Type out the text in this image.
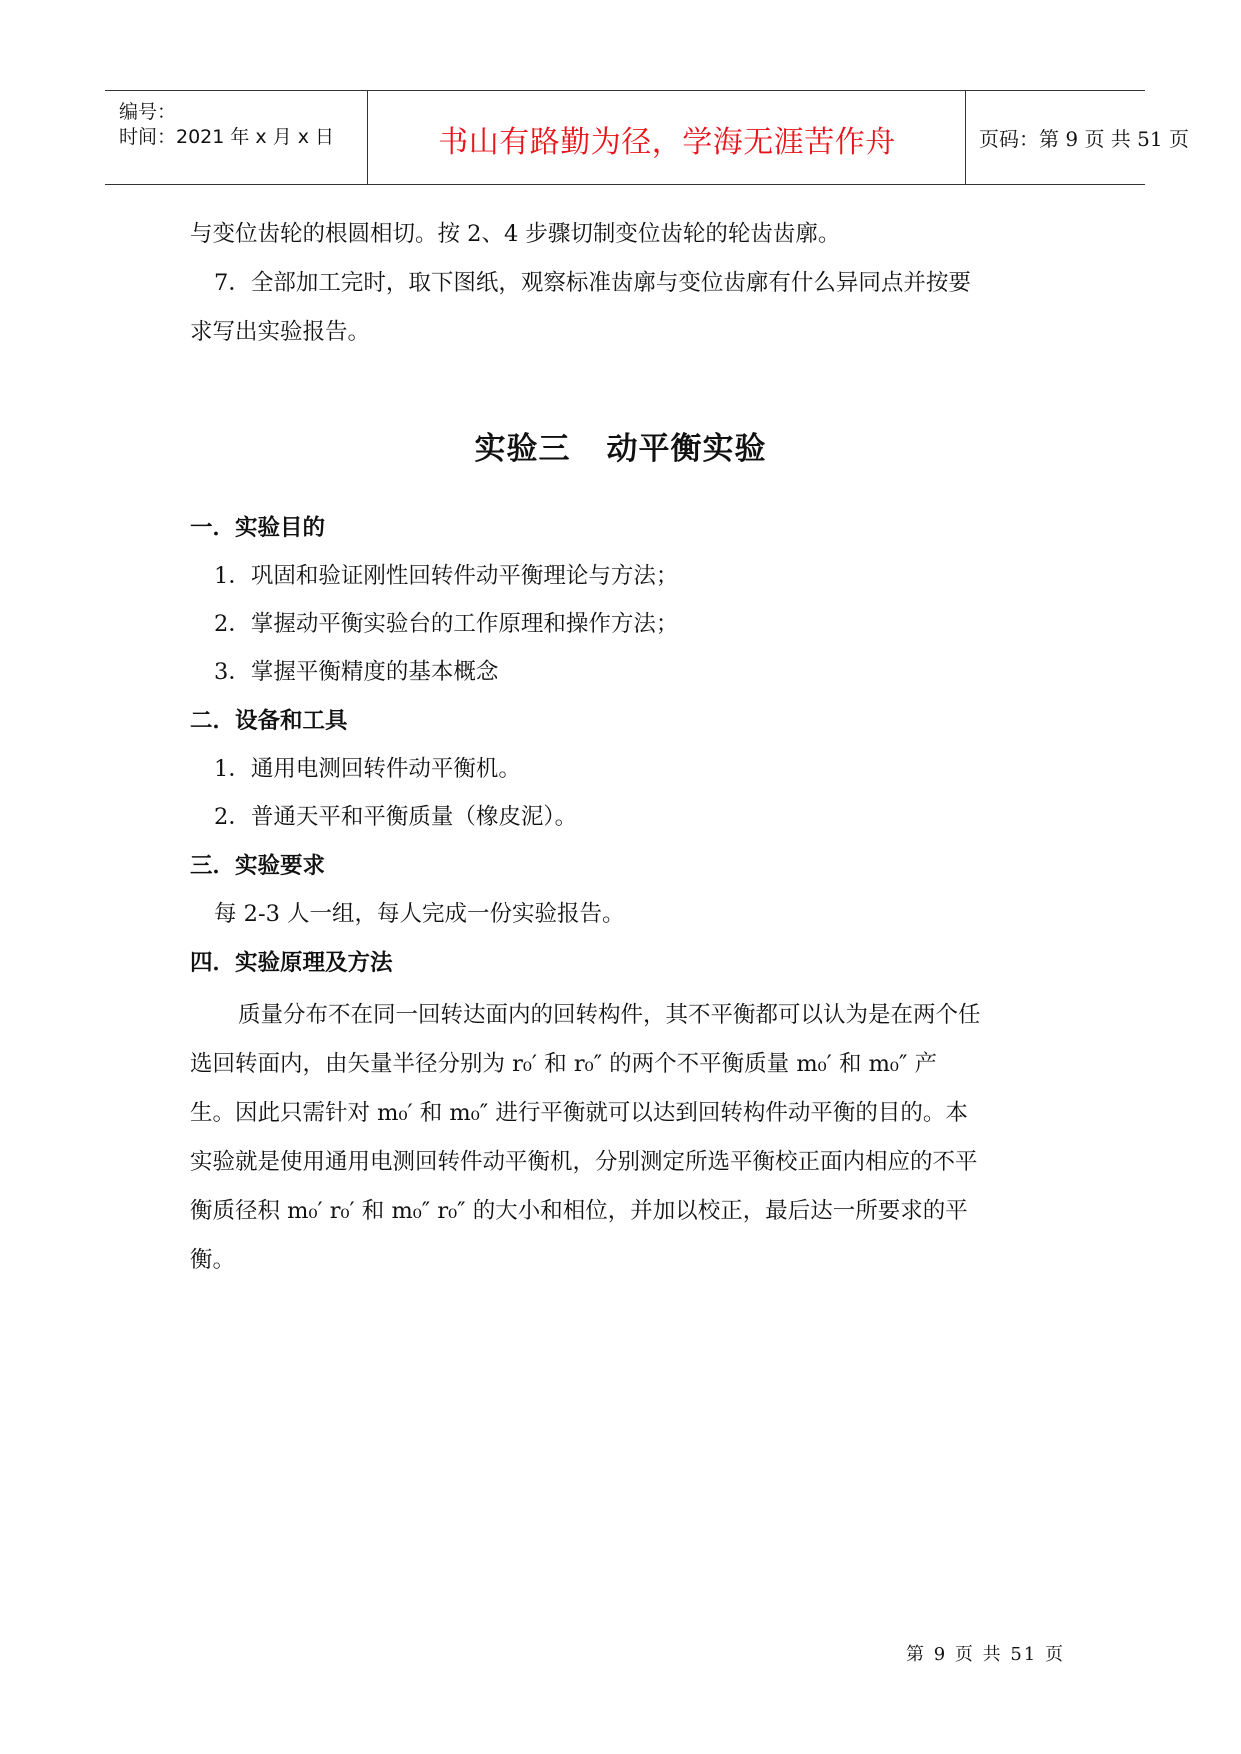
编号：
时间：2021 年 x 月 x 日	书山有路勤为径，学海无涯苦作舟	页码：第 9 页 共 51 页

与变位齿轮的根圆相切。按 2、4 步骤切制变位齿轮的轮齿齿廓。

7．全部加工完时，取下图纸，观察标准齿廓与变位齿廓有什么异同点并按要

求写出实验报告。

实验三 动平衡实验
一．实验目的
1．巩固和验证刚性回转件动平衡理论与方法；
2．掌握动平衡实验台的工作原理和操作方法；
3．掌握平衡精度的基本概念
二．设备和工具
1．通用电测回转件动平衡机。
2．普通天平和平衡质量（橡皮泥）。
三．实验要求
每 2-3 人一组，每人完成一份实验报告。
四．实验原理及方法

质量分布不在同一回转达面内的回转构件，其不平衡都可以认为是在两个任

选回转面内，由矢量半径分别为 r₀′ 和 r₀″ 的两个不平衡质量 m₀′ 和 m₀″ 产

生。因此只需针对 m₀′ 和 m₀″ 进行平衡就可以达到回转构件动平衡的目的。本

实验就是使用通用电测回转件动平衡机，分别测定所选平衡校正面内相应的不平

衡质径积 m₀′ r₀′ 和 m₀″ r₀″ 的大小和相位，并加以校正，最后达一所要求的平

衡。

第 9 页 共 51 页
